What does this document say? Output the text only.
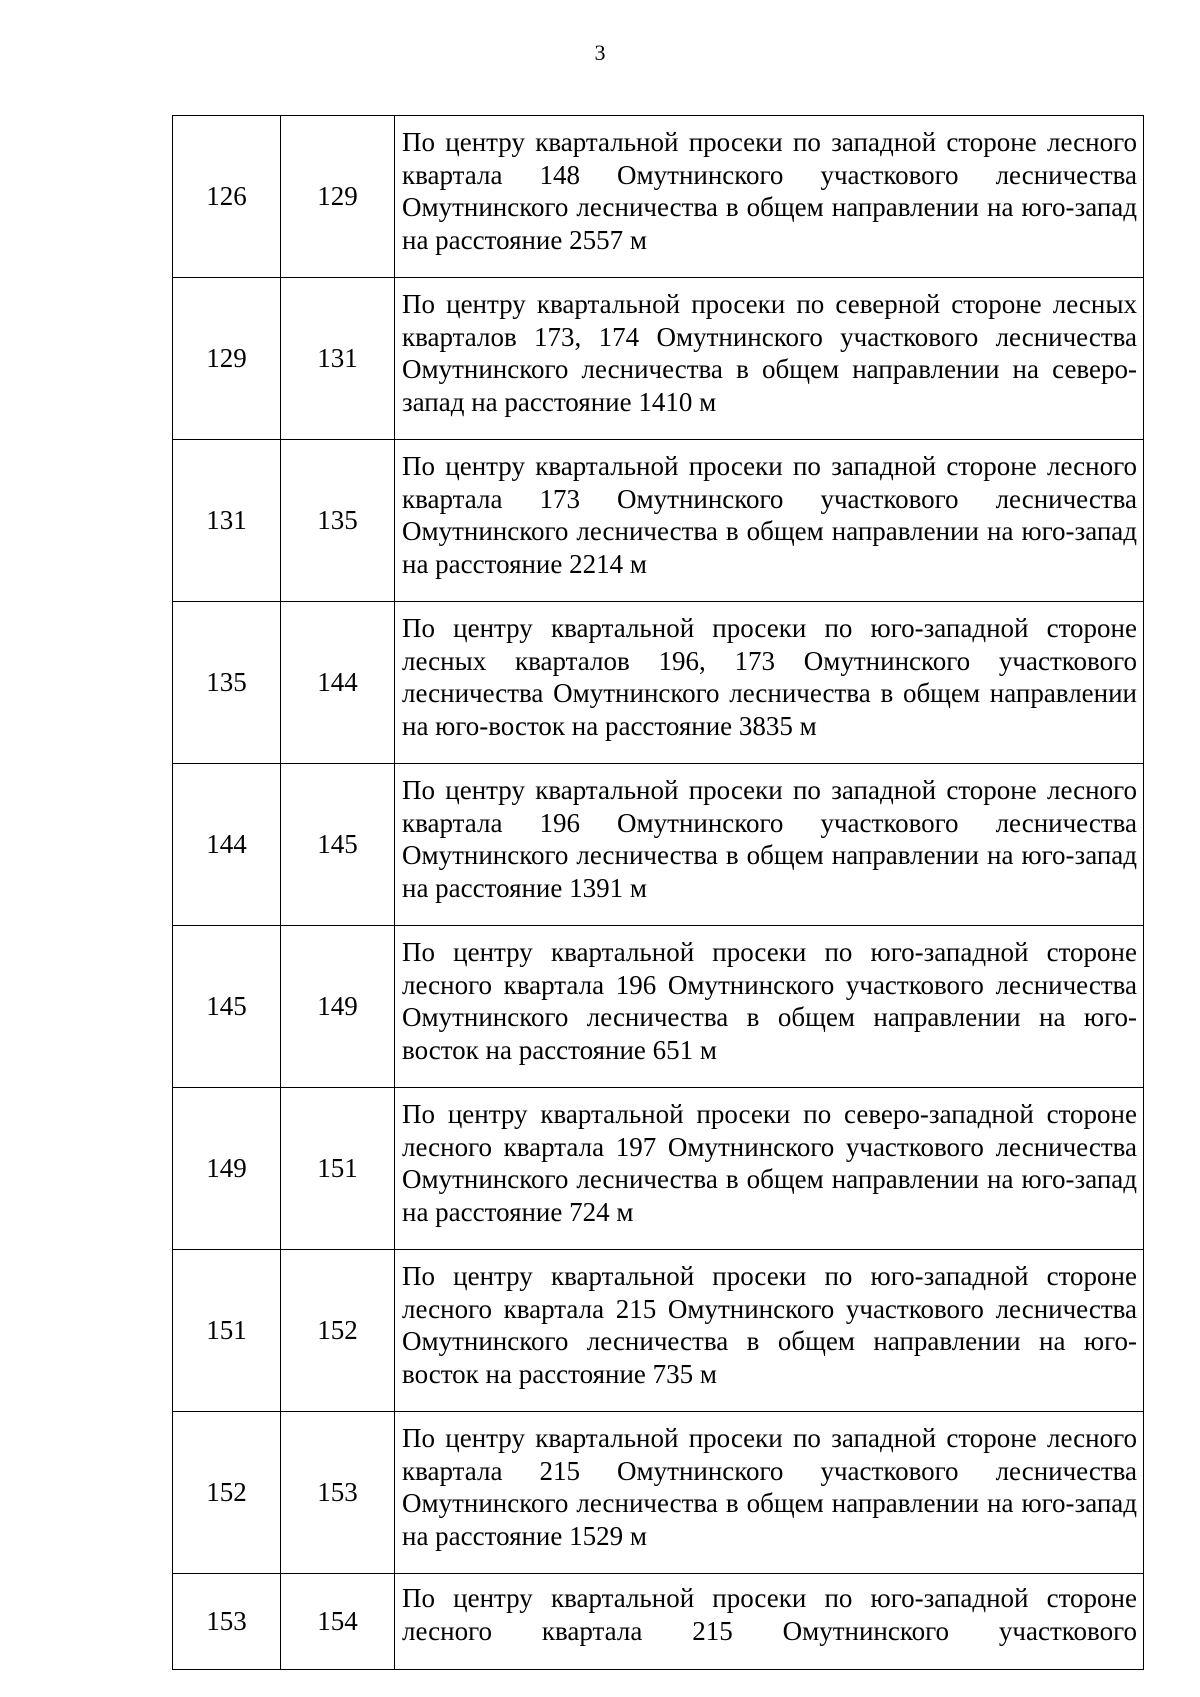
3
126	129	По центру квартальной просеки по западной стороне лесного квартала 148 Омутнинского участкового лесничества Омутнинского лесничества в общем направлении на юго-запад на расстояние 2557 м
129	131	По центру квартальной просеки по северной стороне лесных кварталов 173, 174 Омутнинского участкового лесничества Омутнинского лесничества в общем направлении на северо-запад на расстояние 1410 м
131	135	По центру квартальной просеки по западной стороне лесного квартала 173 Омутнинского участкового лесничества Омутнинского лесничества в общем направлении на юго-запад на расстояние 2214 м
135	144	По центру квартальной просеки по юго-западной стороне лесных кварталов 196, 173 Омутнинского участкового лесничества Омутнинского лесничества в общем направлении на юго-восток на расстояние 3835 м
144	145	По центру квартальной просеки по западной стороне лесного квартала 196 Омутнинского участкового лесничества Омутнинского лесничества в общем направлении на юго-запад на расстояние 1391 м
145	149	По центру квартальной просеки по юго-западной стороне лесного квартала 196 Омутнинского участкового лесничества Омутнинского лесничества в общем направлении на юго-восток на расстояние 651 м
149	151	По центру квартальной просеки по северо-западной стороне лесного квартала 197 Омутнинского участкового лесничества Омутнинского лесничества в общем направлении на юго-запад на расстояние 724 м
151	152	По центру квартальной просеки по юго-западной стороне лесного квартала 215 Омутнинского участкового лесничества Омутнинского лесничества в общем направлении на юго-восток на расстояние 735 м
152	153	По центру квартальной просеки по западной стороне лесного квартала 215 Омутнинского участкового лесничества Омутнинского лесничества в общем направлении на юго-запад на расстояние 1529 м
153	154	По центру квартальной просеки по юго-западной стороне лесного квартала 215 Омутнинского участкового
